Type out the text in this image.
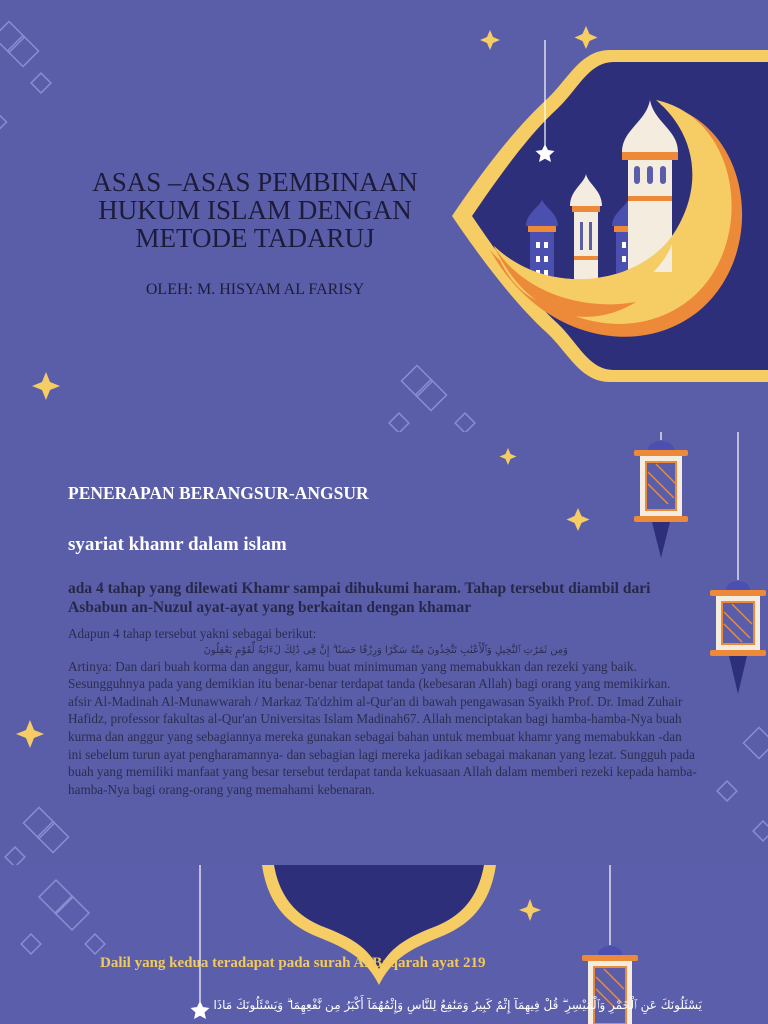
ASAS –ASAS PEMBINAAN
HUKUM ISLAM DENGAN
METODE TADARUJ
OLEH: M. HISYAM AL FARISY
PENERAPAN BERANGSUR-ANGSUR
syariat khamr dalam islam
ada 4 tahap yang dilewati Khamr sampai dihukumi haram. Tahap tersebut diambil dari Asbabun an-Nuzul ayat-ayat yang berkaitan dengan khamar

Adapun 4 tahap tersebut yakni sebagai berikut:

وَمِن ثَمَرَٰتِ ٱلنَّخِيلِ وَٱلْأَعْنَٰبِ تَتَّخِذُونَ مِنْهُ سَكَرًا وَرِزْقًا حَسَنًا ۗ إِنَّ فِى ذَٰلِكَ لَءَايَةً لِّقَوْمٍ يَعْقِلُونَ

Artinya: Dan dari buah korma dan anggur, kamu buat minimuman yang memabukkan dan rezeki yang baik. Sesungguhnya pada yang demikian itu benar-benar terdapat tanda (kebesaran Allah) bagi orang yang memikirkan.

afsir Al-Madinah Al-Munawwarah / Markaz Ta'dzhim al-Qur'an di bawah pengawasan Syaikh Prof. Dr. Imad Zuhair Hafidz, professor fakultas al-Qur'an Universitas Islam Madinah67. Allah menciptakan bagi hamba-hamba-Nya buah kurma dan anggur yang sebagiannya mereka gunakan sebagai bahan untuk membuat khamr yang memabukkan -dan ini sebelum turun ayat pengharamannya- dan sebagian lagi mereka jadikan sebagai makanan yang lezat. Sungguh pada buah yang memiliki manfaat yang besar tersebut terdapat tanda kekuasaan Allah dalam memberi rezeki kepada hamba-hamba-Nya bagi orang-orang yang memahami kebenaran.

Dalil yang kedua teradapat pada surah Al Baqarah ayat 219
يَسْئَلُونَكَ عَنِ ٱلْخَمْرِ وَٱلْمَيْسِرِ ۖ قُلْ فِيهِمَآ إِثْمٌ كَبِيرٌ وَمَنَٰفِعُ لِلنَّاسِ وَإِثْمُهُمَآ أَكْبَرُ مِن نَّفْعِهِمَا ۗ وَيَسْئَلُونَكَ مَاذَا
